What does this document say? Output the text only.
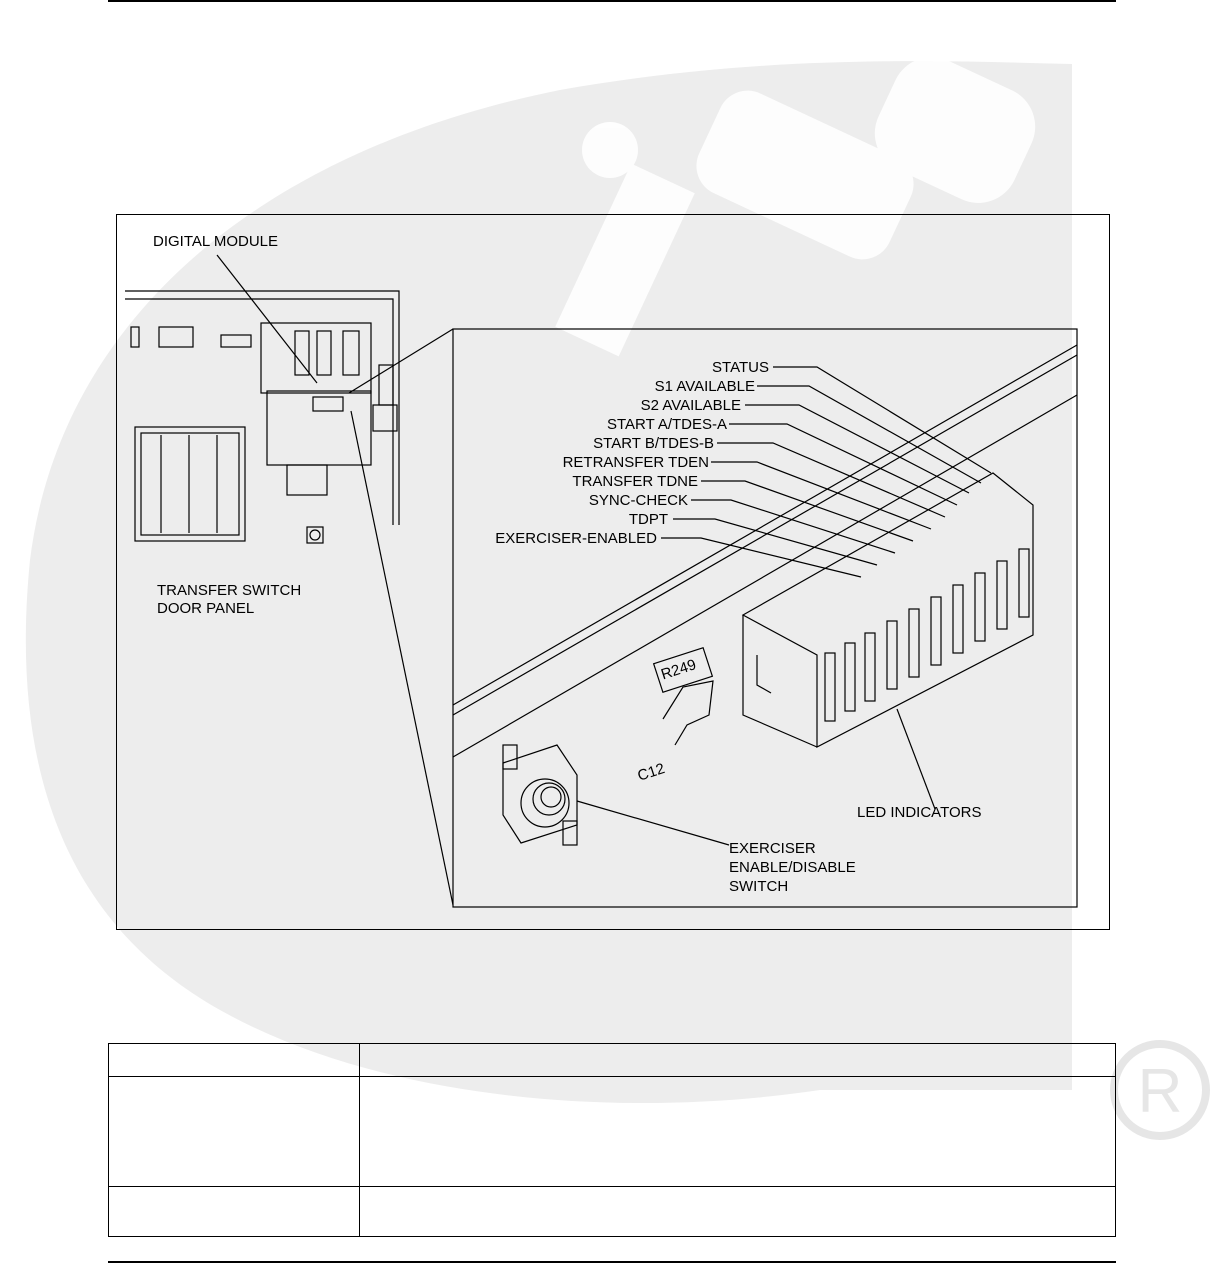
R
DIGITAL MODULE
TRANSFER SWITCH
DOOR PANEL
LED INDICATORS
EXERCISER
ENABLE/DISABLE
SWITCH
R249
C12
STATUS
S1 AVAILABLE
S2 AVAILABLE
START A/TDES-A
START B/TDES-B
RETRANSFER TDEN
TRANSFER TDNE
SYNC-CHECK
TDPT
EXERCISER-ENABLED
